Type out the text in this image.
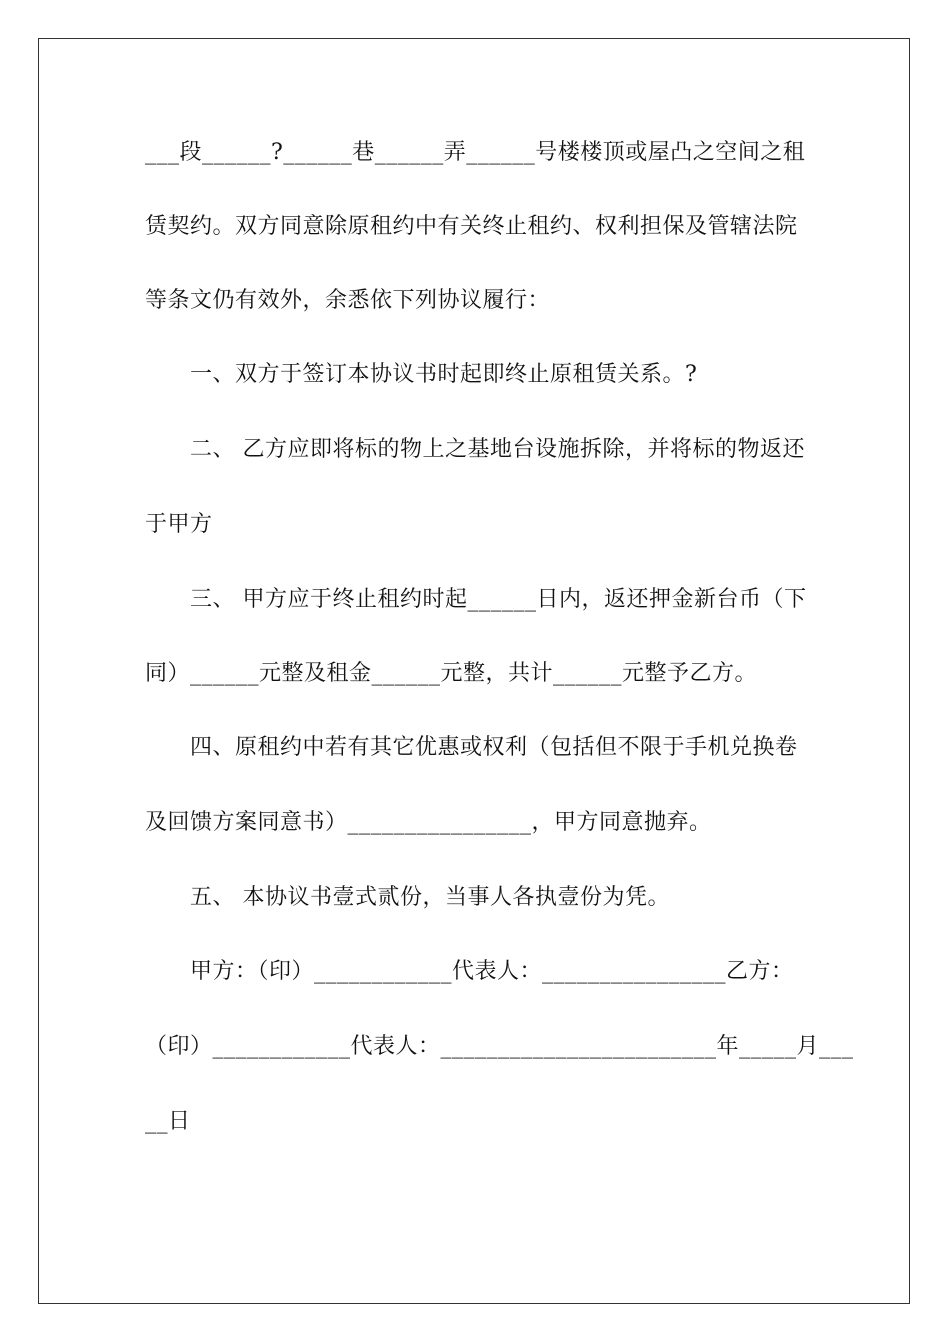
___段______?______巷______弄______号楼楼顶或屋凸之空间之租
赁契约。双方同意除原租约中有关终止租约、权利担保及管辖法院
等条文仍有效外，余悉依下列协议履行：
一、双方于签订本协议书时起即终止原租赁关系。?
二、 乙方应即将标的物上之基地台设施拆除，并将标的物返还
于甲方
三、 甲方应于终止租约时起______日内，返还押金新台币（下
同）______元整及租金______元整，共计______元整予乙方。
四、原租约中若有其它优惠或权利（包括但不限于手机兑换卷
及回馈方案同意书）________________，甲方同意抛弃。
五、 本协议书壹式贰份，当事人各执壹份为凭。
甲方：（印）____________代表人：________________乙方：
（印）____________代表人：________________________年_____月___
__日
